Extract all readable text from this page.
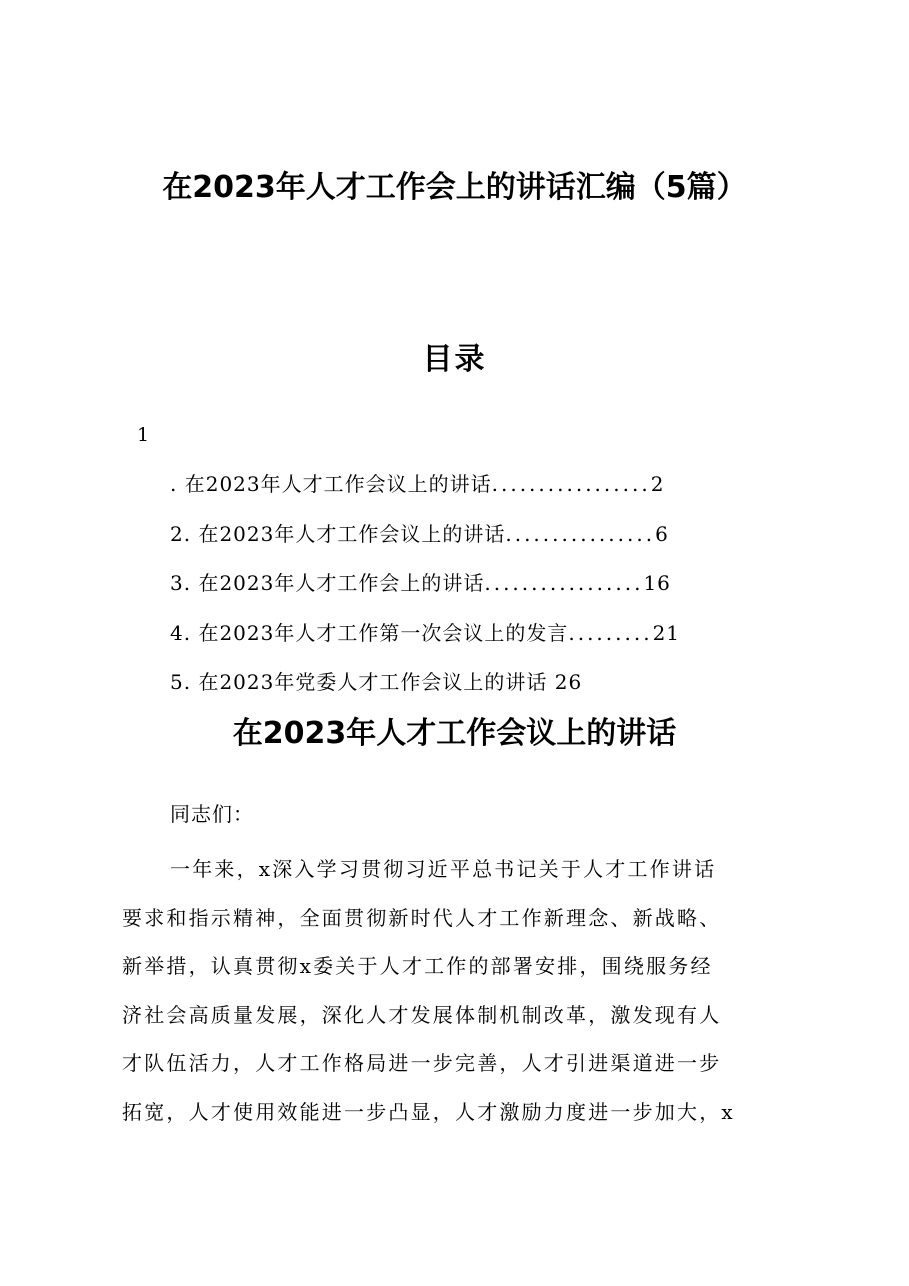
在2023年人才工作会上的讲话汇编（5篇）
目录
1
. 在2023年人才工作会议上的讲话.................2
2. 在2023年人才工作会议上的讲话................6
3. 在2023年人才工作会上的讲话.................16
4. 在2023年人才工作第一次会议上的发言.........21
5. 在2023年党委人才工作会议上的讲话 26
在2023年人才工作会议上的讲话
同志们：
一年来，x深入学习贯彻习近平总书记关于人才工作讲话
要求和指示精神，全面贯彻新时代人才工作新理念、新战略、
新举措，认真贯彻x委关于人才工作的部署安排，围绕服务经
济社会高质量发展，深化人才发展体制机制改革，激发现有人
才队伍活力，人才工作格局进一步完善，人才引进渠道进一步
拓宽，人才使用效能进一步凸显，人才激励力度进一步加大，x
